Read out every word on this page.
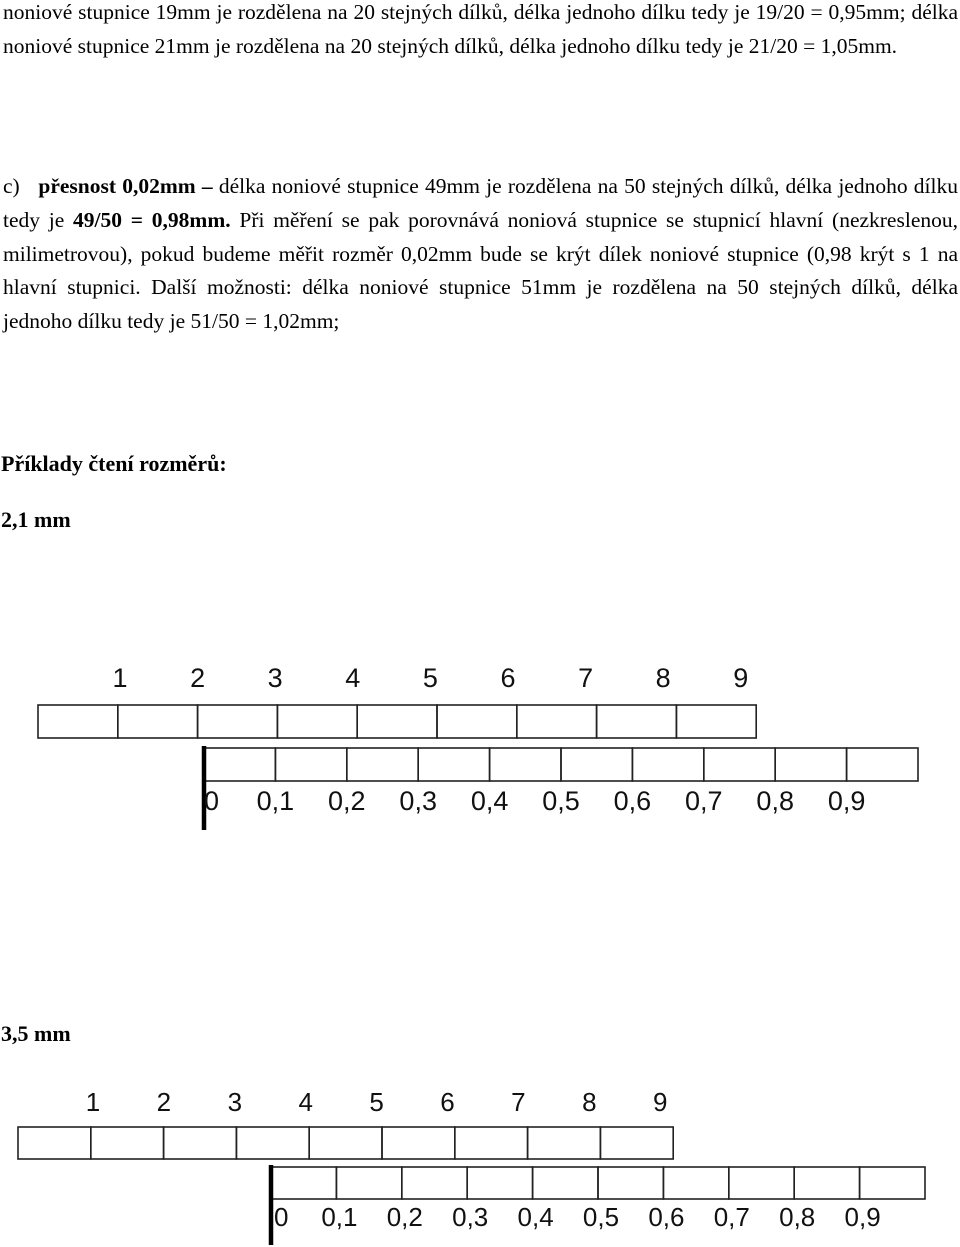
noniové stupnice 19mm je rozdělena na 20 stejných dílků, délka jednoho dílku tedy je 19/20 = 0,95mm; délka noniové stupnice 21mm je rozdělena na 20 stejných dílků, délka jednoho dílku tedy je 21/20 = 1,05mm.
c) přesnost 0,02mm – délka noniové stupnice 49mm je rozdělena na 50 stejných dílků, délka jednoho dílku tedy je 49/50 = 0,98mm. Při měření se pak porovnává noniová stupnice se stupnicí hlavní (nezkreslenou, milimetrovou), pokud budeme měřit rozměr 0,02mm bude se krýt dílek noniové stupnice (0,98 krýt s 1 na hlavní stupnici. Další možnosti: délka noniové stupnice 51mm je rozdělena na 50 stejných dílků, délka jednoho dílku tedy je 51/50 = 1,02mm;
Příklady čtení rozměrů:
2,1 mm
1 2 3 4 5 6 7 8 9
0 0,1 0,2 0,3 0,4 0,5 0,6 0,7 0,8 0,9
3,5 mm
1 2 3 4 5 6 7 8 9
0 0,1 0,2 0,3 0,4 0,5 0,6 0,7 0,8 0,9
